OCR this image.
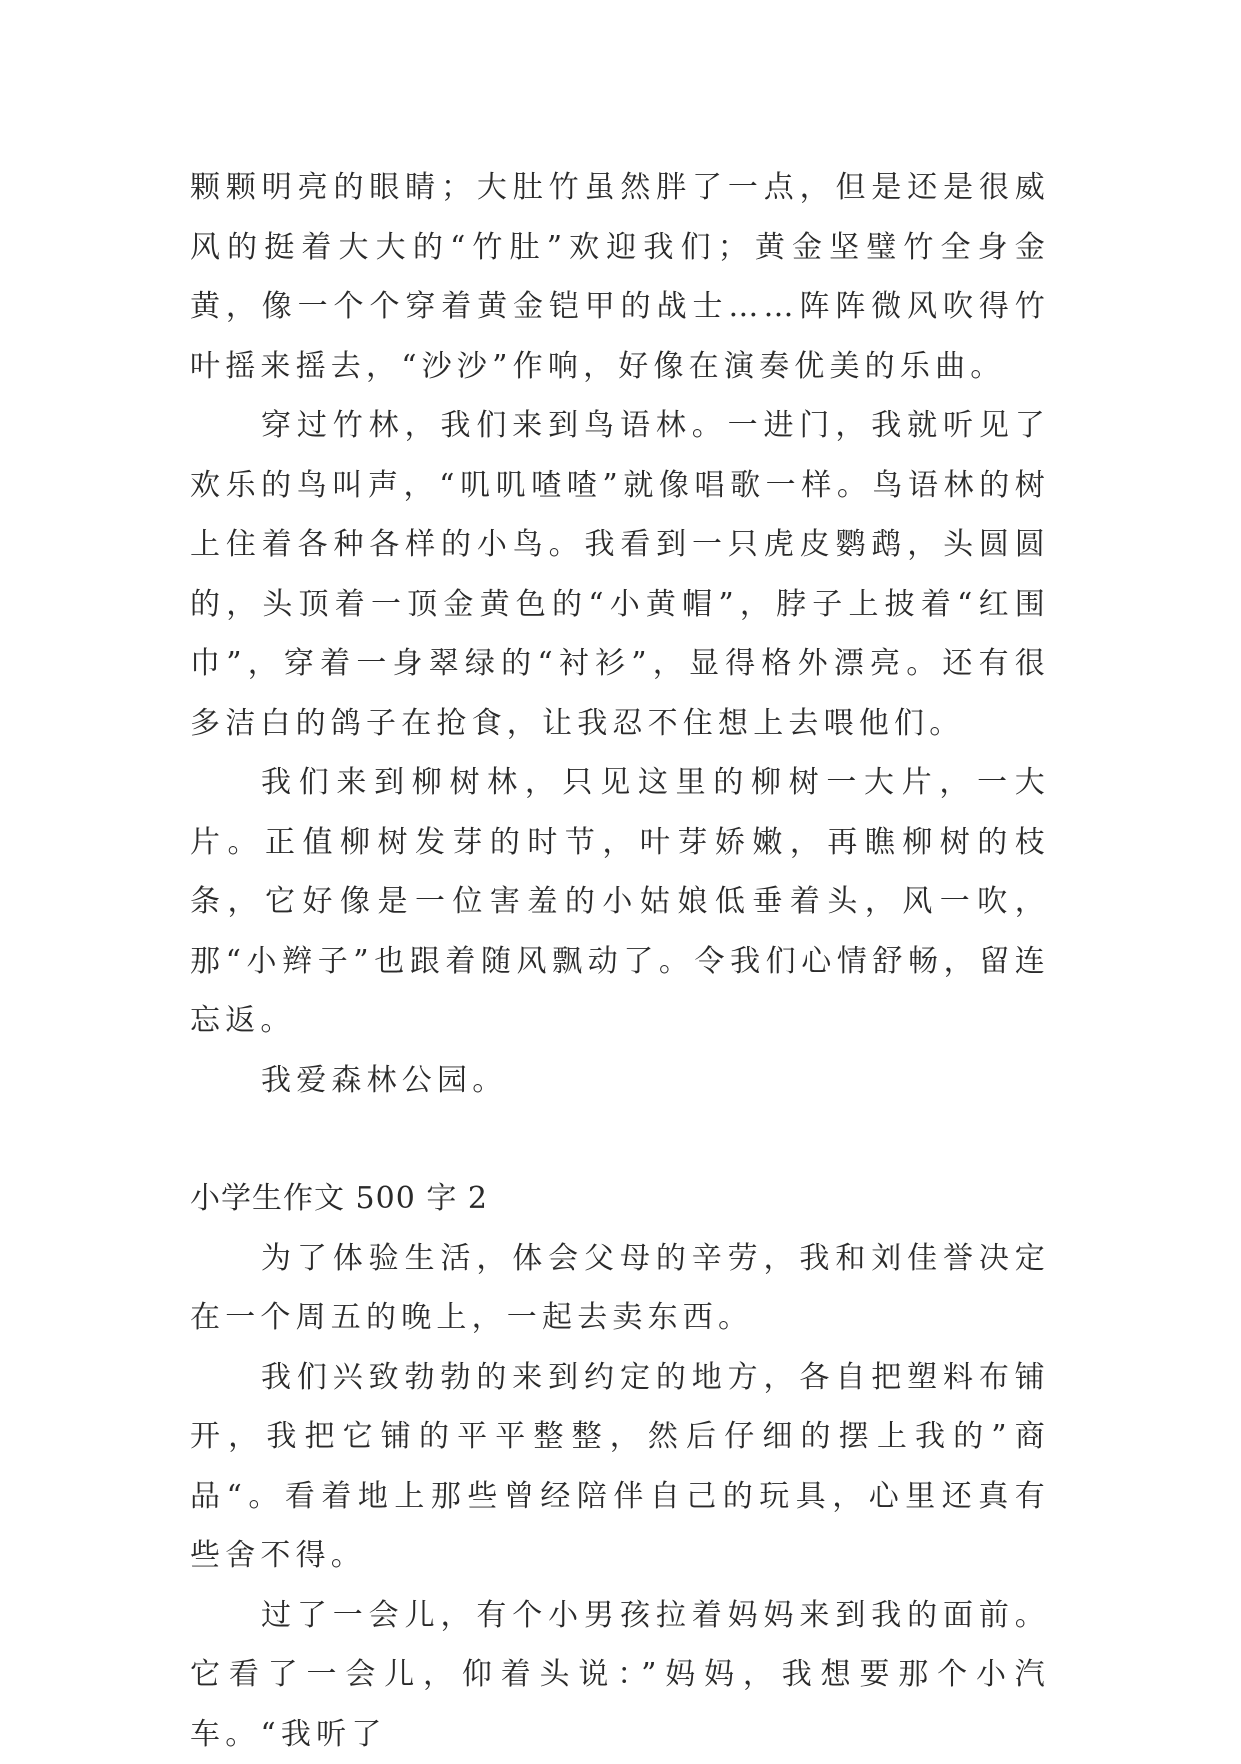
颗颗明亮的眼睛；大肚竹虽然胖了一点，但是还是很威风的挺着大大的“竹肚”欢迎我们；黄金坚璧竹全身金黄，像一个个穿着黄金铠甲的战士……阵阵微风吹得竹叶摇来摇去，“沙沙”作响，好像在演奏优美的乐曲。

穿过竹林，我们来到鸟语林。一进门，我就听见了欢乐的鸟叫声，“叽叽喳喳”就像唱歌一样。鸟语林的树上住着各种各样的小鸟。我看到一只虎皮鹦鹉，头圆圆的，头顶着一顶金黄色的“小黄帽”，脖子上披着“红围巾”，穿着一身翠绿的“衬衫”，显得格外漂亮。还有很多洁白的鸽子在抢食，让我忍不住想上去喂他们。

我们来到柳树林，只见这里的柳树一大片，一大片。正值柳树发芽的时节，叶芽娇嫩，再瞧柳树的枝条，它好像是一位害羞的小姑娘低垂着头，风一吹，那“小辫子”也跟着随风飘动了。令我们心情舒畅，留连忘返。

我爱森林公园。

小学生作文 500 字 2

为了体验生活，体会父母的辛劳，我和刘佳誉决定在一个周五的晚上，一起去卖东西。

我们兴致勃勃的来到约定的地方，各自把塑料布铺开，我把它铺的平平整整，然后仔细的摆上我的”商品“。看着地上那些曾经陪伴自己的玩具，心里还真有些舍不得。

过了一会儿，有个小男孩拉着妈妈来到我的面前。它看了一会儿，仰着头说：”妈妈，我想要那个小汽车。“我听了
